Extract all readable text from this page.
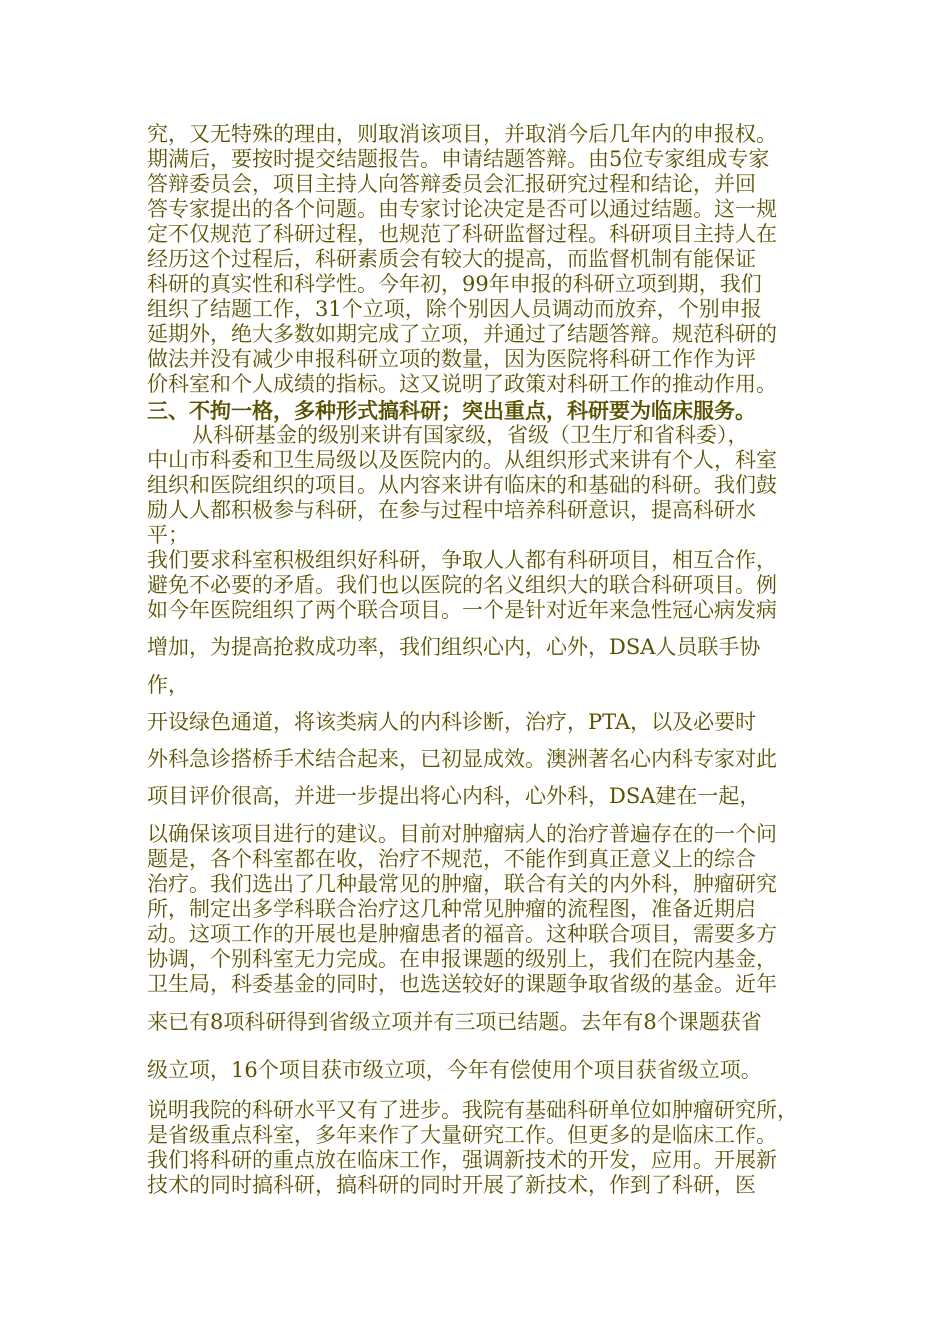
究，又无特殊的理由，则取消该项目，并取消今后几年内的申报权。
期满后，要按时提交结题报告。申请结题答辩。由5位专家组成专家
答辩委员会，项目主持人向答辩委员会汇报研究过程和结论，并回
答专家提出的各个问题。由专家讨论决定是否可以通过结题。这一规
定不仅规范了科研过程，也规范了科研监督过程。科研项目主持人在
经历这个过程后，科研素质会有较大的提高，而监督机制有能保证
科研的真实性和科学性。今年初，99年申报的科研立项到期，我们
组织了结题工作，31个立项，除个别因人员调动而放弃，个别申报
延期外，绝大多数如期完成了立项，并通过了结题答辩。规范科研的
做法并没有减少申报科研立项的数量，因为医院将科研工作作为评
价科室和个人成绩的指标。这又说明了政策对科研工作的推动作用。
三、不拘一格，多种形式搞科研；突出重点，科研要为临床服务。
从科研基金的级别来讲有国家级，省级（卫生厅和省科委），
中山市科委和卫生局级以及医院内的。从组织形式来讲有个人，科室
组织和医院组织的项目。从内容来讲有临床的和基础的科研。我们鼓
励人人都积极参与科研，在参与过程中培养科研意识，提高科研水
平；
我们要求科室积极组织好科研，争取人人都有科研项目，相互合作，
避免不必要的矛盾。我们也以医院的名义组织大的联合科研项目。例
如今年医院组织了两个联合项目。一个是针对近年来急性冠心病发病
增加，为提高抢救成功率，我们组织心内，心外，DSA人员联手协
作，
开设绿色通道，将该类病人的内科诊断，治疗，PTA，以及必要时
外科急诊搭桥手术结合起来，已初显成效。澳洲著名心内科专家对此
项目评价很高，并进一步提出将心内科，心外科，DSA建在一起，
以确保该项目进行的建议。目前对肿瘤病人的治疗普遍存在的一个问
题是，各个科室都在收，治疗不规范，不能作到真正意义上的综合
治疗。我们选出了几种最常见的肿瘤，联合有关的内外科，肿瘤研究
所，制定出多学科联合治疗这几种常见肿瘤的流程图，准备近期启
动。这项工作的开展也是肿瘤患者的福音。这种联合项目，需要多方
协调，个别科室无力完成。在申报课题的级别上，我们在院内基金，
卫生局，科委基金的同时，也选送较好的课题争取省级的基金。近年
来已有8项科研得到省级立项并有三项已结题。去年有8个课题获省
级立项，16个项目获市级立项，今年有偿使用个项目获省级立项。
说明我院的科研水平又有了进步。我院有基础科研单位如肿瘤研究所，
是省级重点科室，多年来作了大量研究工作。但更多的是临床工作。
我们将科研的重点放在临床工作，强调新技术的开发，应用。开展新
技术的同时搞科研，搞科研的同时开展了新技术，作到了科研，医
